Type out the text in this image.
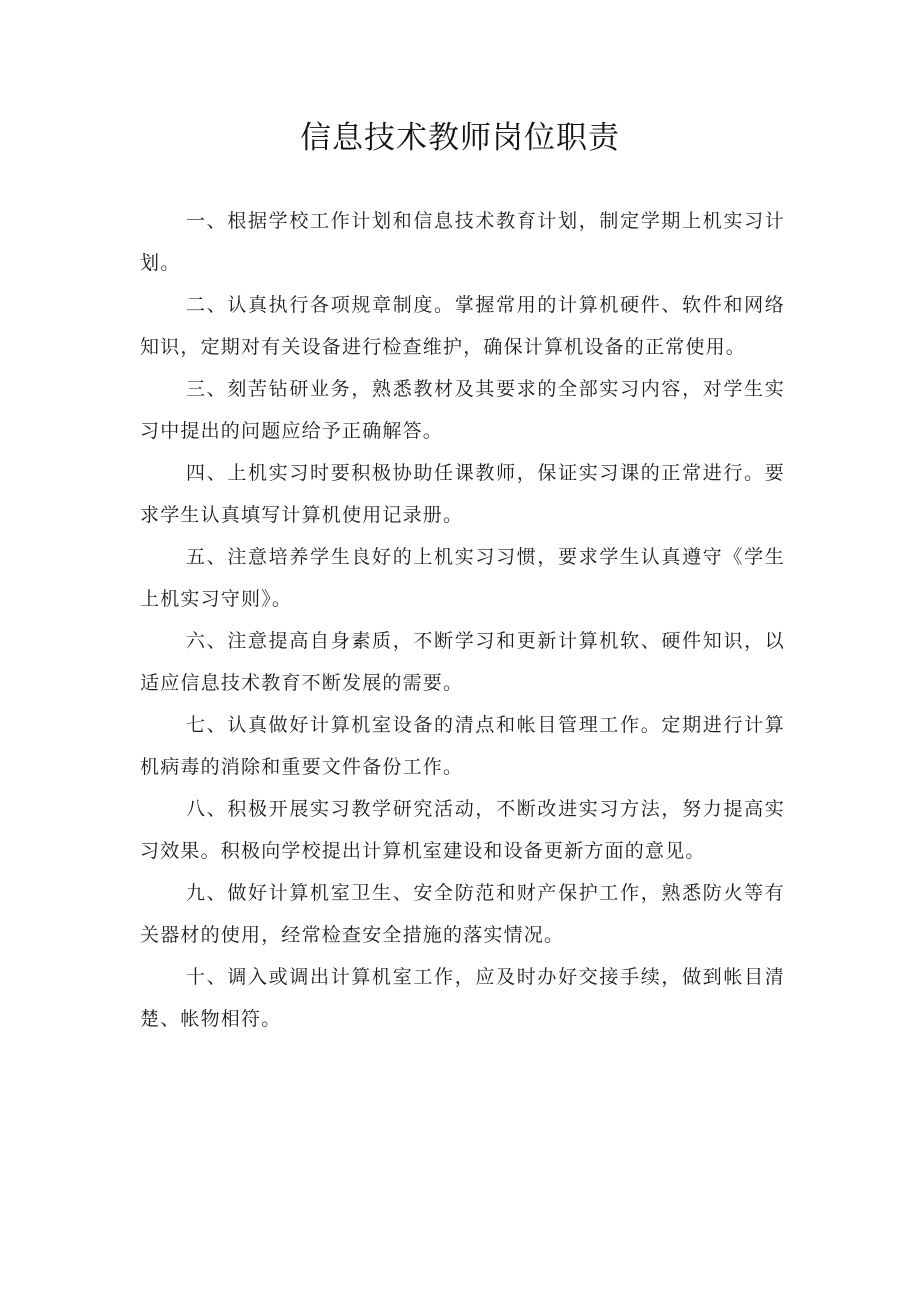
信息技术教师岗位职责

一、根据学校工作计划和信息技术教育计划，制定学期上机实习计划。

二、认真执行各项规章制度。掌握常用的计算机硬件、软件和网络知识，定期对有关设备进行检查维护，确保计算机设备的正常使用。

三、刻苦钻研业务，熟悉教材及其要求的全部实习内容，对学生实习中提出的问题应给予正确解答。

四、上机实习时要积极协助任课教师，保证实习课的正常进行。要求学生认真填写计算机使用记录册。

五、注意培养学生良好的上机实习习惯，要求学生认真遵守《学生上机实习守则》。

六、注意提高自身素质，不断学习和更新计算机软、硬件知识，以适应信息技术教育不断发展的需要。

七、认真做好计算机室设备的清点和帐目管理工作。定期进行计算机病毒的消除和重要文件备份工作。

八、积极开展实习教学研究活动，不断改进实习方法，努力提高实习效果。积极向学校提出计算机室建设和设备更新方面的意见。

九、做好计算机室卫生、安全防范和财产保护工作，熟悉防火等有关器材的使用，经常检查安全措施的落实情况。

十、调入或调出计算机室工作，应及时办好交接手续，做到帐目清楚、帐物相符。
